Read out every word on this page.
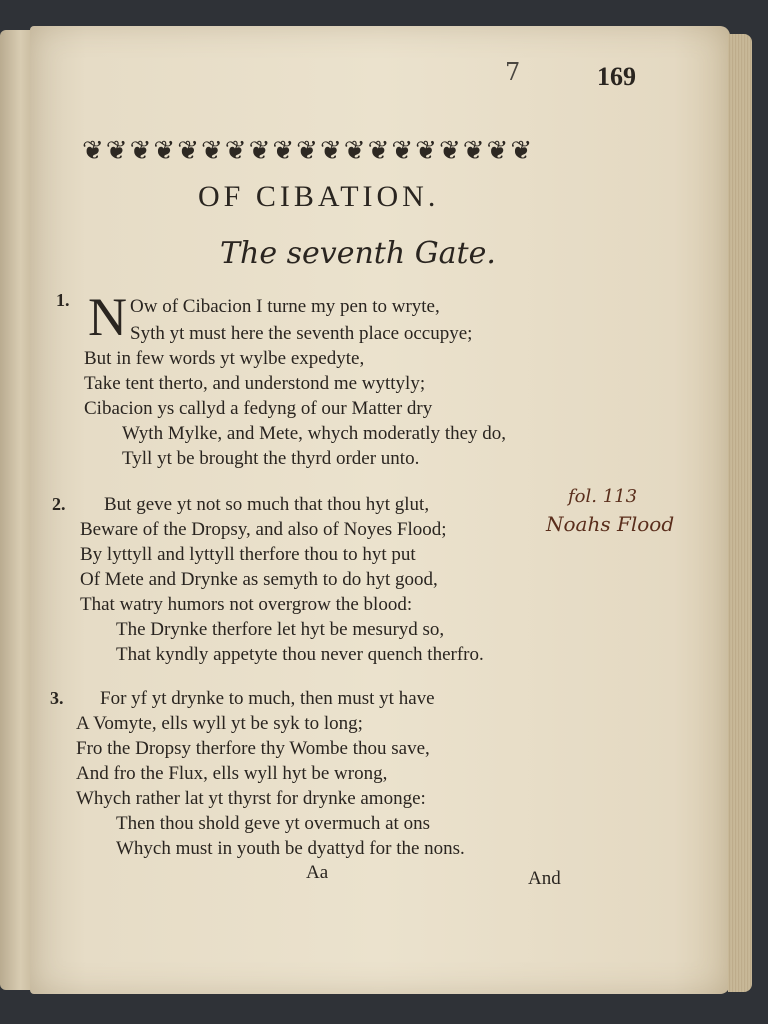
7	169
❦ ❦ ❦ ❦ ❦ ❦ ❦ ❦ ❦ ❦ ❦ ❦ ❦ ❦ ❦ ❦ ❦ ❦ ❦
OF CIBATION.
The seventh Gate.
1. N Ow of Cibacion I turne my pen to wryte,
Syth yt must here the seventh place occupye;
But in few words yt wylbe expedyte,
Take tent therto, and understond me wyttyly;
Cibacion ys callyd a fedyng of our Matter dry
Wyth Mylke, and Mete, whych moderatly they do,
Tyll yt be brought the thyrd order unto.
2. But geve yt not so much that thou hyt glut,
Beware of the Dropsy, and also of Noyes Flood;
By lyttyll and lyttyll therfore thou to hyt put
Of Mete and Drynke as semyth to do hyt good,
That watry humors not overgrow the blood:
The Drynke therfore let hyt be mesuryd so,
That kyndly appetyte thou never quench therfro.
fol. 113
Noahs Flood
3. For yf yt drynke to much, then must yt have
A Vomyte, ells wyll yt be syk to long;
Fro the Dropsy therfore thy Wombe thou save,
And fro the Flux, ells wyll hyt be wrong,
Whych rather lat yt thyrst for drynke amonge:
Then thou shold geve yt overmuch at ons
Whych must in youth be dyattyd for the nons.
Aa	And
